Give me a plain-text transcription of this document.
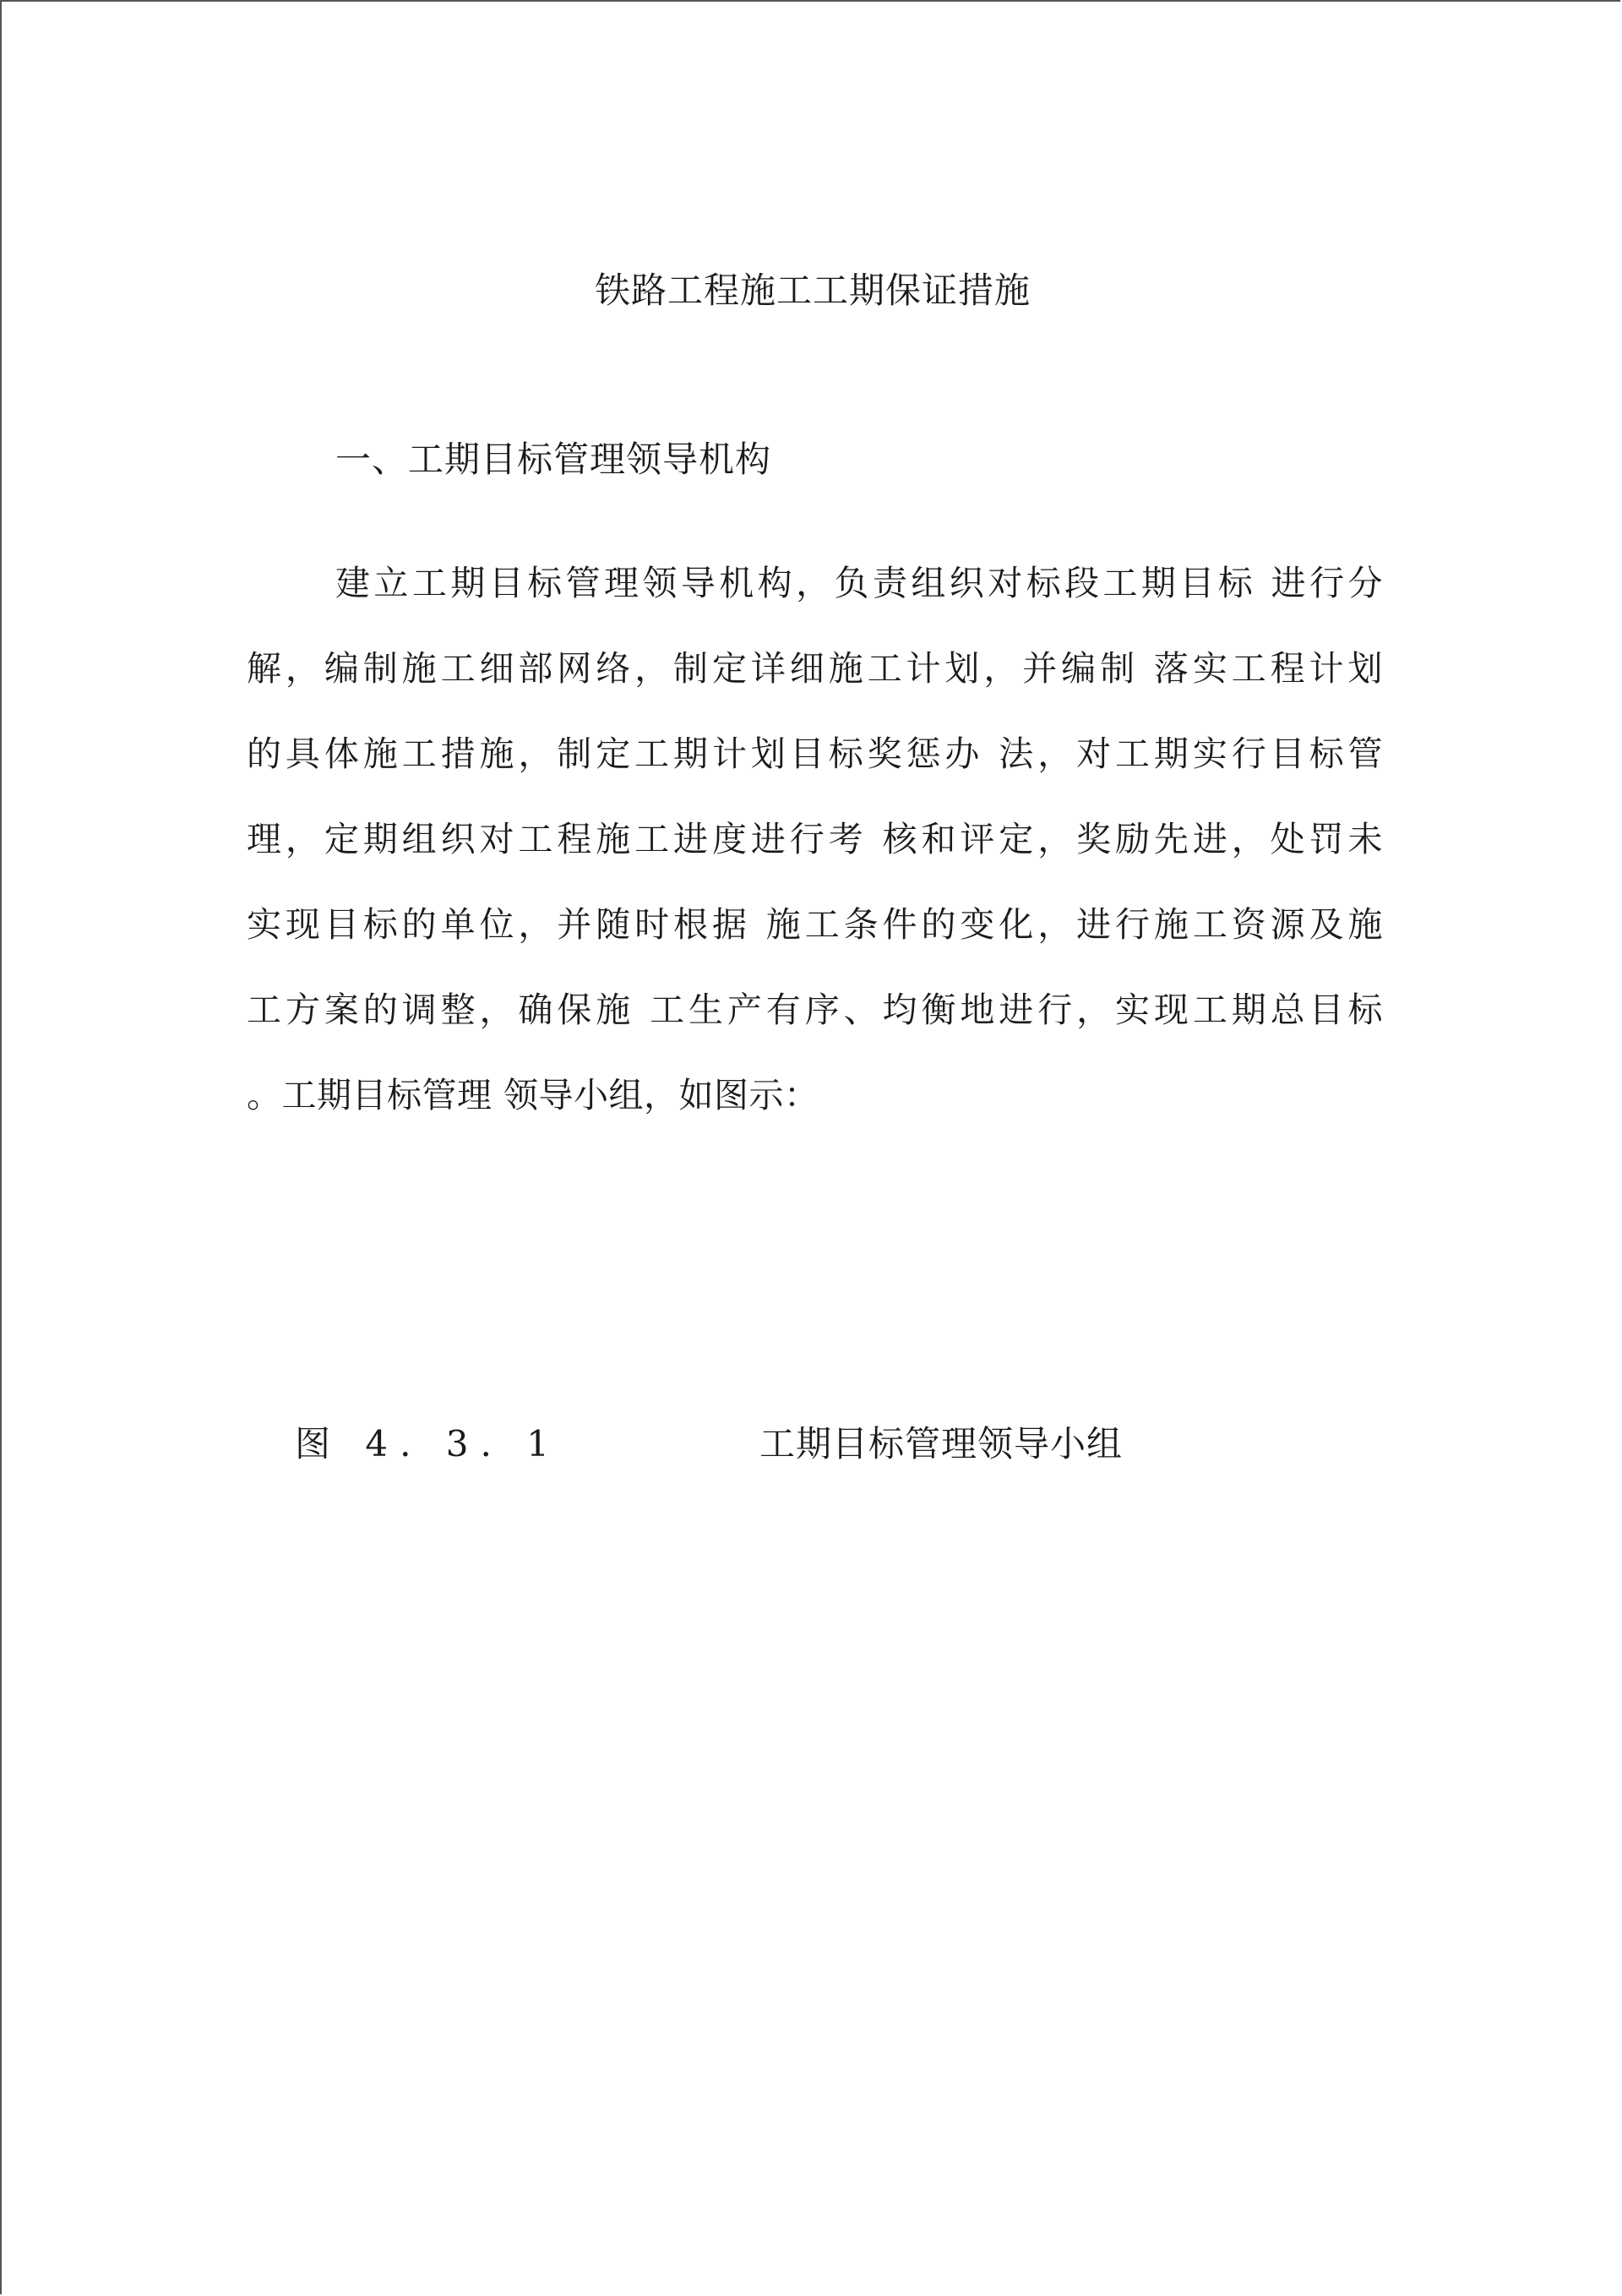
铁路工程施工工期保证措施
一、工期目标管理领导机构
建立工期目标管理领导机构，负责组织对标段工期目标 进行分
解，编制施工细部网络，制定详细施工计划，并编制 落实工程计划
的具体施工措施，制定工期计划目标奖惩办 法，对工期实行目标管
理，定期组织对工程施工进度进行考 核和评定，奖励先进，处罚未
实现目标的单位，并随时根据 施工条件的变化，进行施工资源及施
工方案的调整，确保施 工生产有序、均衡地进行，实现工期总目标
。工期目标管理 领导小组，如图示：
图 4. 3. 1	工期目标管理领导小组
